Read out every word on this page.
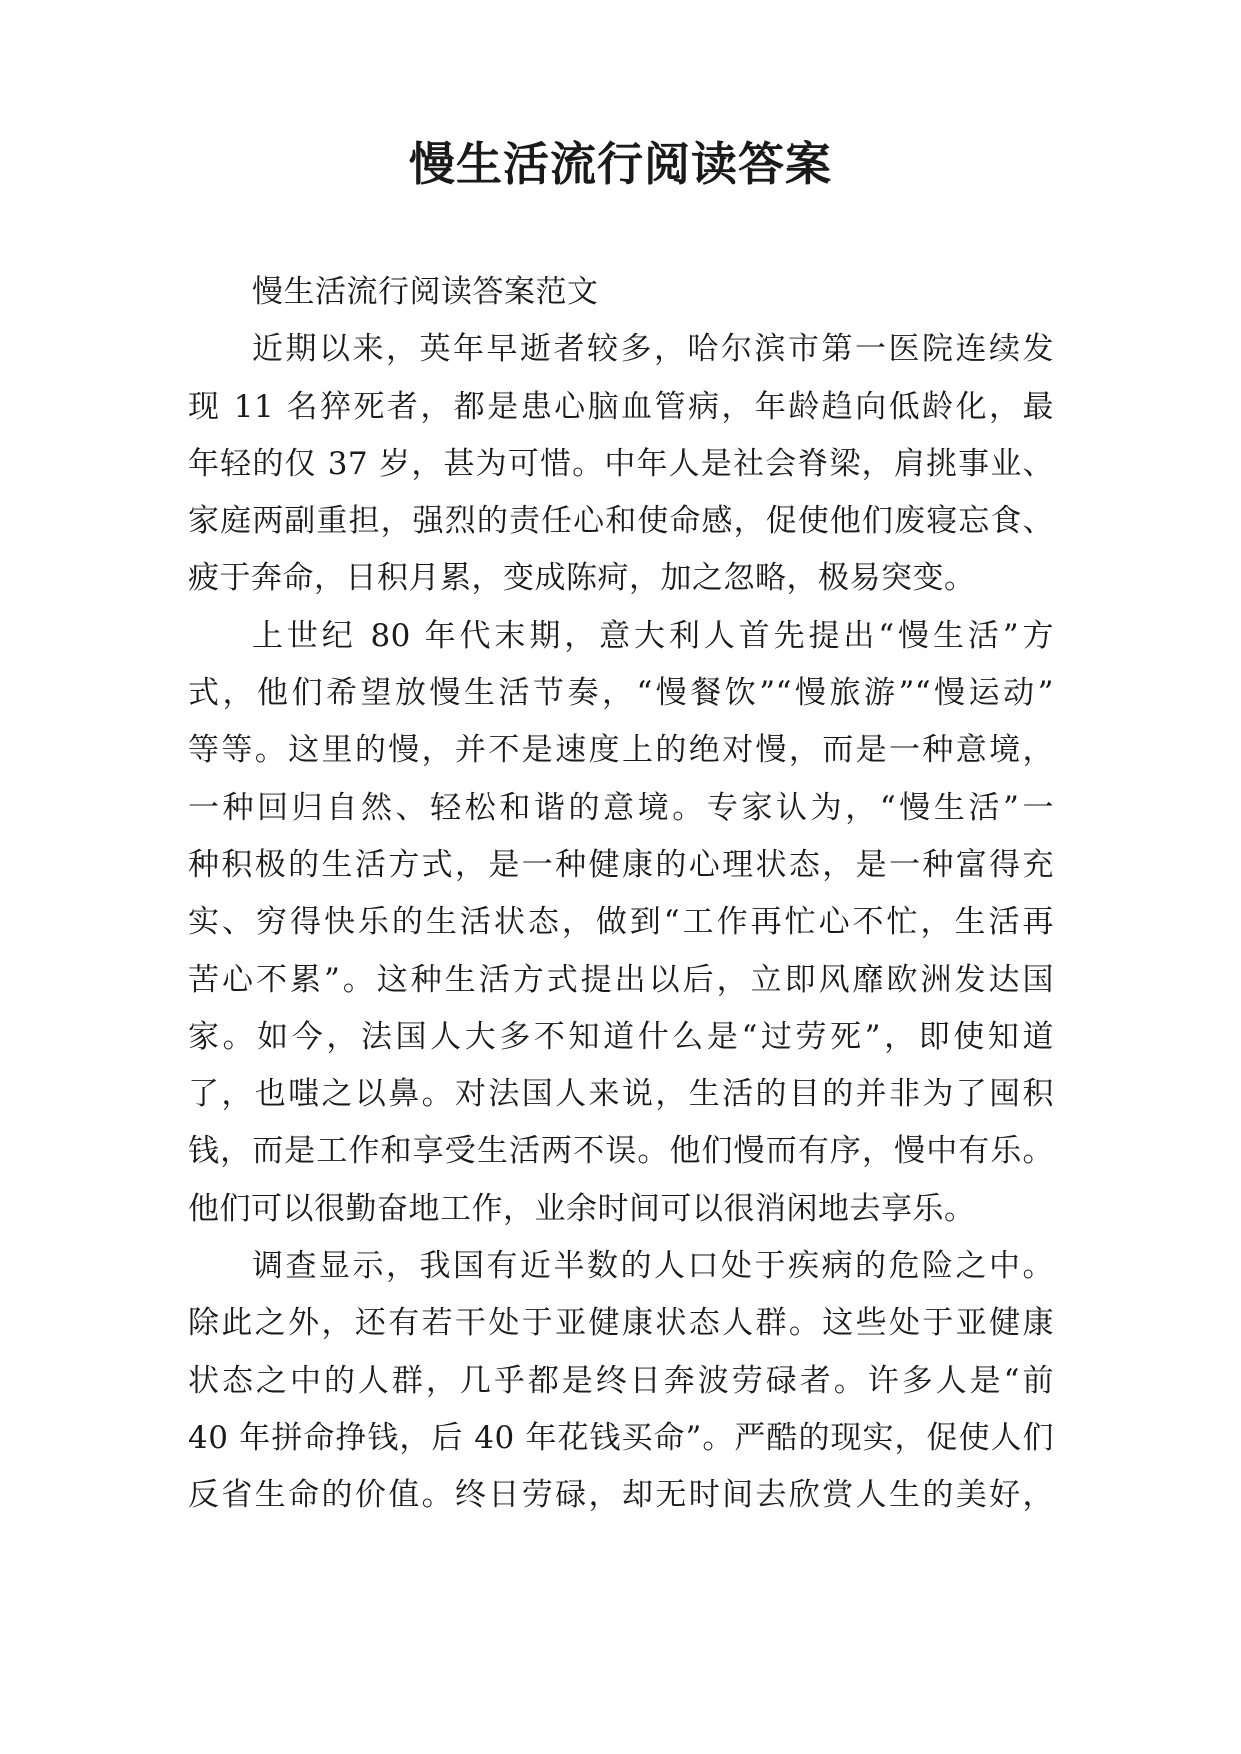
慢生活流行阅读答案
慢生活流行阅读答案范文
近期以来，英年早逝者较多，哈尔滨市第一医院连续发
现 11 名猝死者，都是患心脑血管病，年龄趋向低龄化，最
年轻的仅 37 岁，甚为可惜。中年人是社会脊梁，肩挑事业、
家庭两副重担，强烈的责任心和使命感，促使他们废寝忘食、
疲于奔命，日积月累，变成陈疴，加之忽略，极易突变。
上世纪 80 年代末期，意大利人首先提出“慢生活”方
式，他们希望放慢生活节奏，“慢餐饮”“慢旅游”“慢运动”
等等。这里的慢，并不是速度上的绝对慢，而是一种意境，
一种回归自然、轻松和谐的意境。专家认为，“慢生活”一
种积极的生活方式，是一种健康的心理状态，是一种富得充
实、穷得快乐的生活状态，做到“工作再忙心不忙，生活再
苦心不累”。这种生活方式提出以后，立即风靡欧洲发达国
家。如今，法国人大多不知道什么是“过劳死”，即使知道
了，也嗤之以鼻。对法国人来说，生活的目的并非为了囤积
钱，而是工作和享受生活两不误。他们慢而有序，慢中有乐。
他们可以很勤奋地工作，业余时间可以很消闲地去享乐。
调查显示，我国有近半数的人口处于疾病的危险之中。
除此之外，还有若干处于亚健康状态人群。这些处于亚健康
状态之中的人群，几乎都是终日奔波劳碌者。许多人是“前
40 年拼命挣钱，后 40 年花钱买命”。严酷的现实，促使人们
反省生命的价值。终日劳碌，却无时间去欣赏人生的美好，
